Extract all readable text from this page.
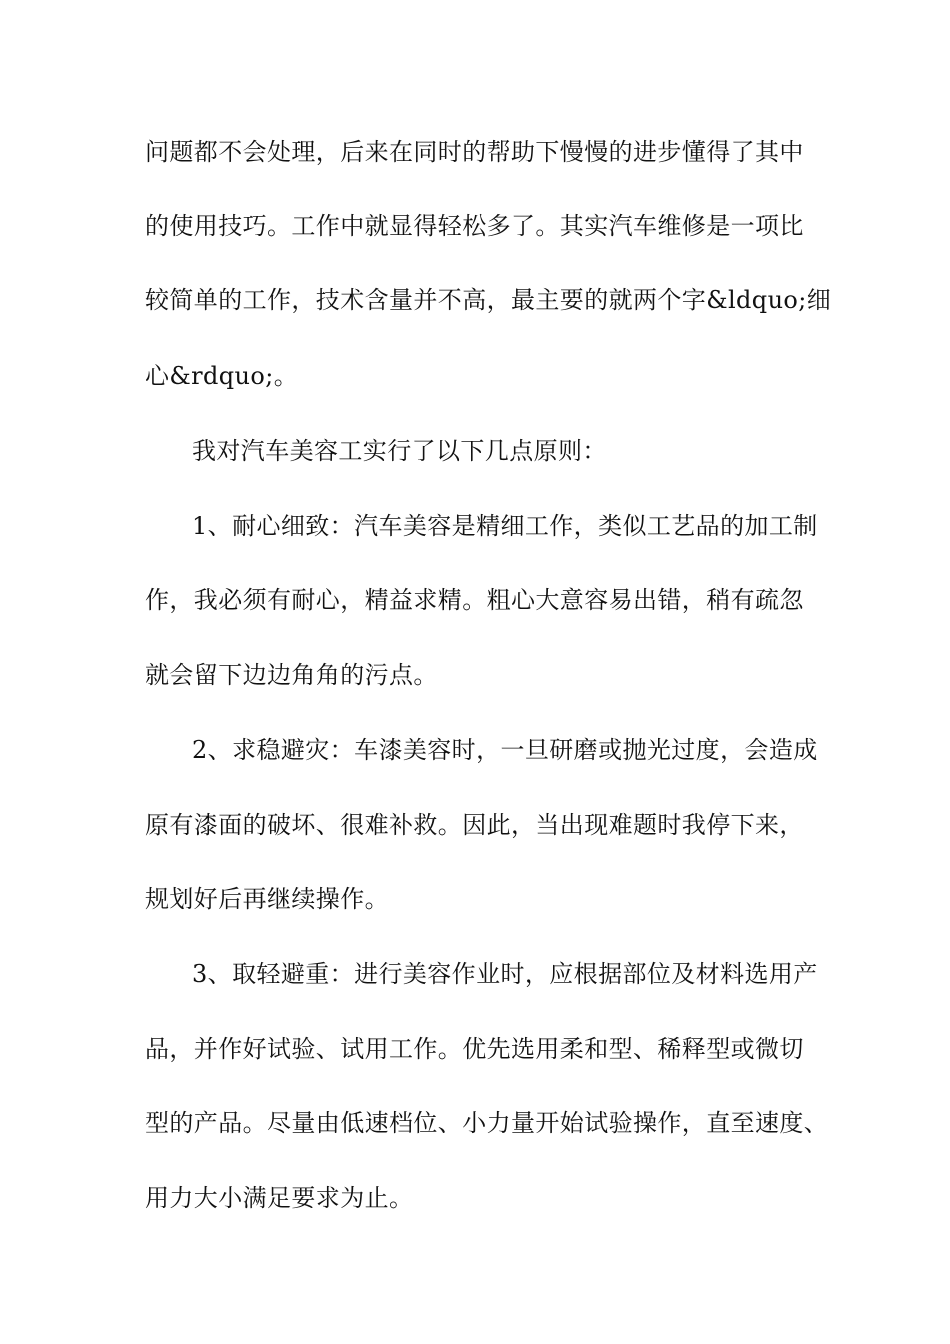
问题都不会处理，后来在同时的帮助下慢慢的进步懂得了其中
的使用技巧。工作中就显得轻松多了。其实汽车维修是一项比
较简单的工作，技术含量并不高，最主要的就两个字&ldquo;细
心&rdquo;。
我对汽车美容工实行了以下几点原则：
1、耐心细致：汽车美容是精细工作，类似工艺品的加工制
作，我必须有耐心，精益求精。粗心大意容易出错，稍有疏忽
就会留下边边角角的污点。
2、求稳避灾：车漆美容时，一旦研磨或抛光过度，会造成
原有漆面的破坏、很难补救。因此，当出现难题时我停下来，
规划好后再继续操作。
3、取轻避重：进行美容作业时，应根据部位及材料选用产
品，并作好试验、试用工作。优先选用柔和型、稀释型或微切
型的产品。尽量由低速档位、小力量开始试验操作，直至速度、
用力大小满足要求为止。
